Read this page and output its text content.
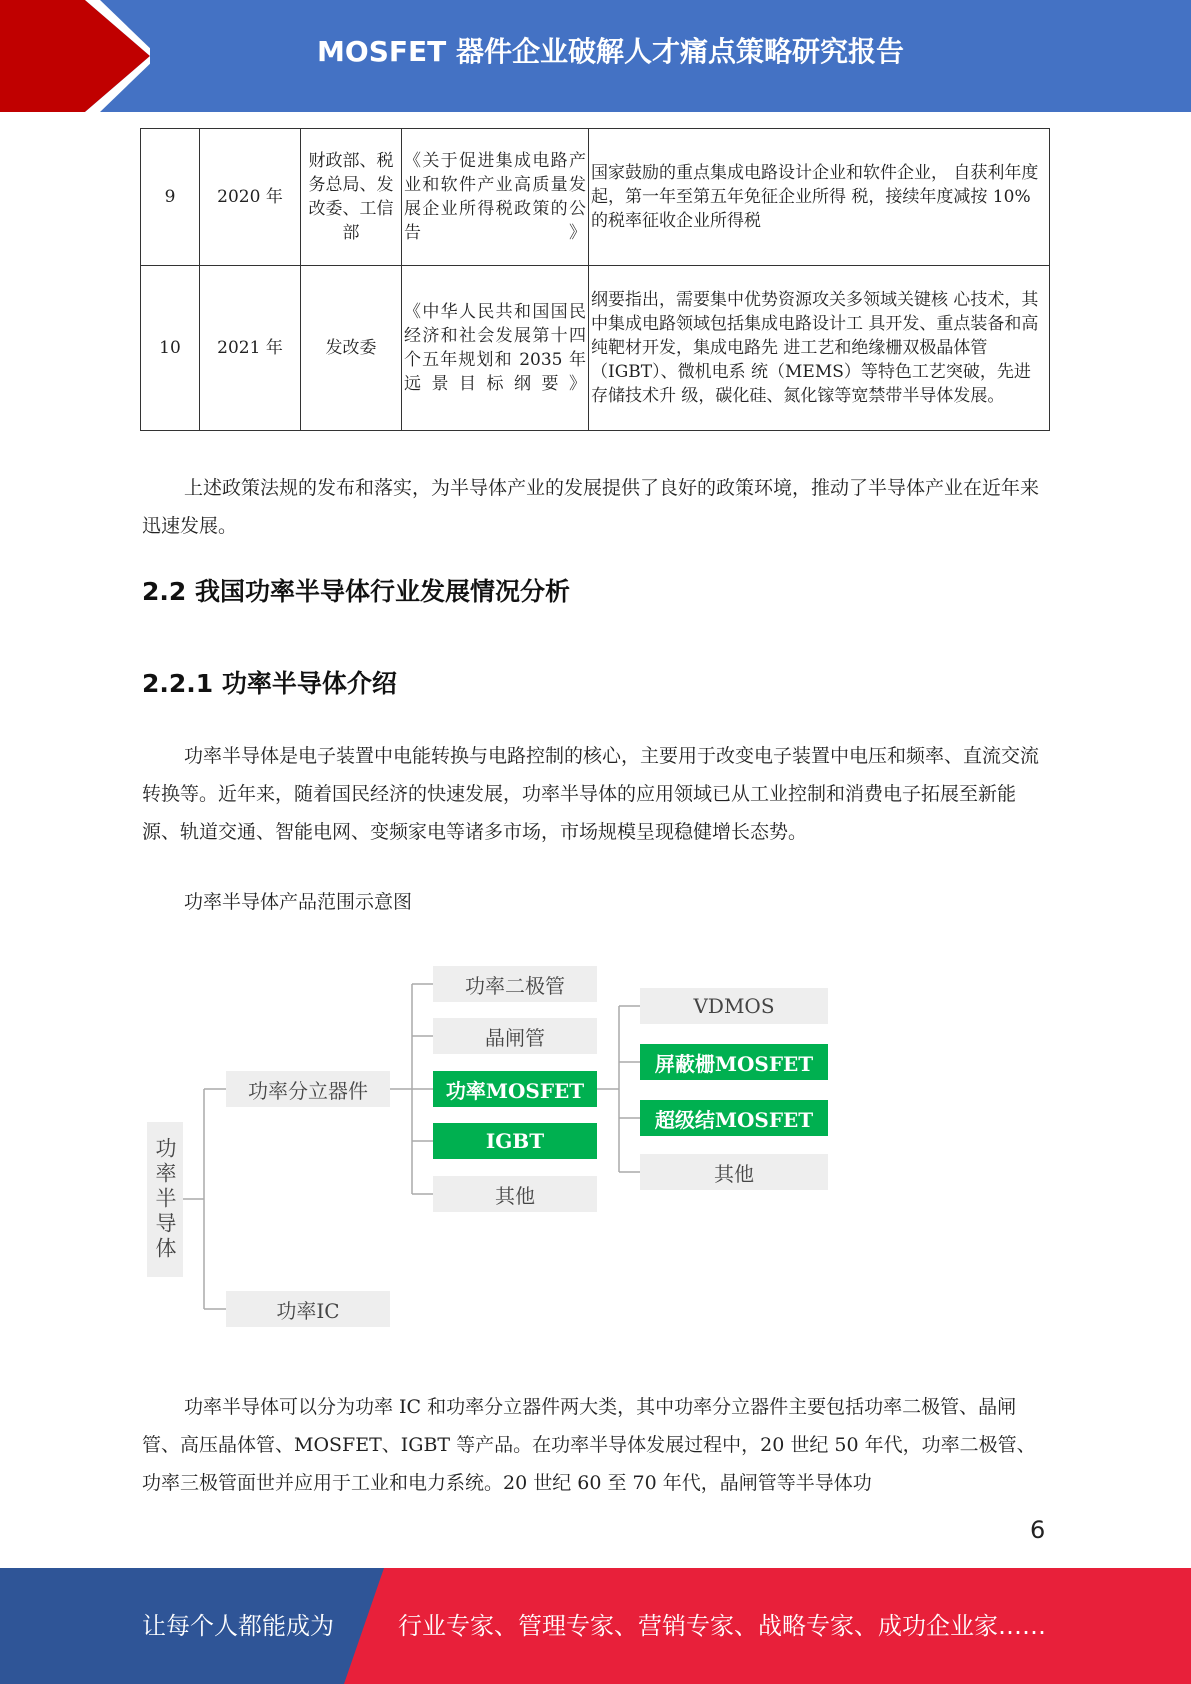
MOSFET 器件企业破解人才痛点策略研究报告
9	2020 年	财政部、税务总局、发改委、工信部	《关于促进集成电路产业和软件产业高质量发展企业所得税政策的公告》	国家鼓励的重点集成电路设计企业和软件企业， 自获利年度起，第一年至第五年免征企业所得 税，接续年度减按 10%的税率征收企业所得税
10	2021 年	发改委	《中华人民共和国国民经济和社会发展第十四个五年规划和 2035 年远景目标纲要》	纲要指出，需要集中优势资源攻关多领域关键核 心技术，其中集成电路领域包括集成电路设计工 具开发、重点装备和高纯靶材开发，集成电路先 进工艺和绝缘栅双极晶体管（IGBT）、微机电系 统（MEMS）等特色工艺突破，先进存储技术升 级，碳化硅、氮化镓等宽禁带半导体发展。

上述政策法规的发布和落实，为半导体产业的发展提供了良好的政策环境，推动了半导体产业在近年来迅速发展。

2.2 我国功率半导体行业发展情况分析
2.2.1 功率半导体介绍

功率半导体是电子装置中电能转换与电路控制的核心，主要用于改变电子装置中电压和频率、直流交流转换等。近年来，随着国民经济的快速发展，功率半导体的应用领域已从工业控制和消费电子拓展至新能源、轨道交通、智能电网、变频家电等诸多市场，市场规模呈现稳健增长态势。

功率半导体产品范围示意图
功率半导体
功率分立器件
功率IC
功率二极管
晶闸管
功率MOSFET
IGBT
其他
VDMOS
屏蔽栅MOSFET
超级结MOSFET
其他

功率半导体可以分为功率 IC 和功率分立器件两大类，其中功率分立器件主要包括功率二极管、晶闸管、高压晶体管、MOSFET、IGBT 等产品。在功率半导体发展过程中，20 世纪 50 年代，功率二极管、功率三极管面世并应用于工业和电力系统。20 世纪 60 至 70 年代，晶闸管等半导体功

6
让每个人都能成为	行业专家、管理专家、营销专家、战略专家、成功企业家……
